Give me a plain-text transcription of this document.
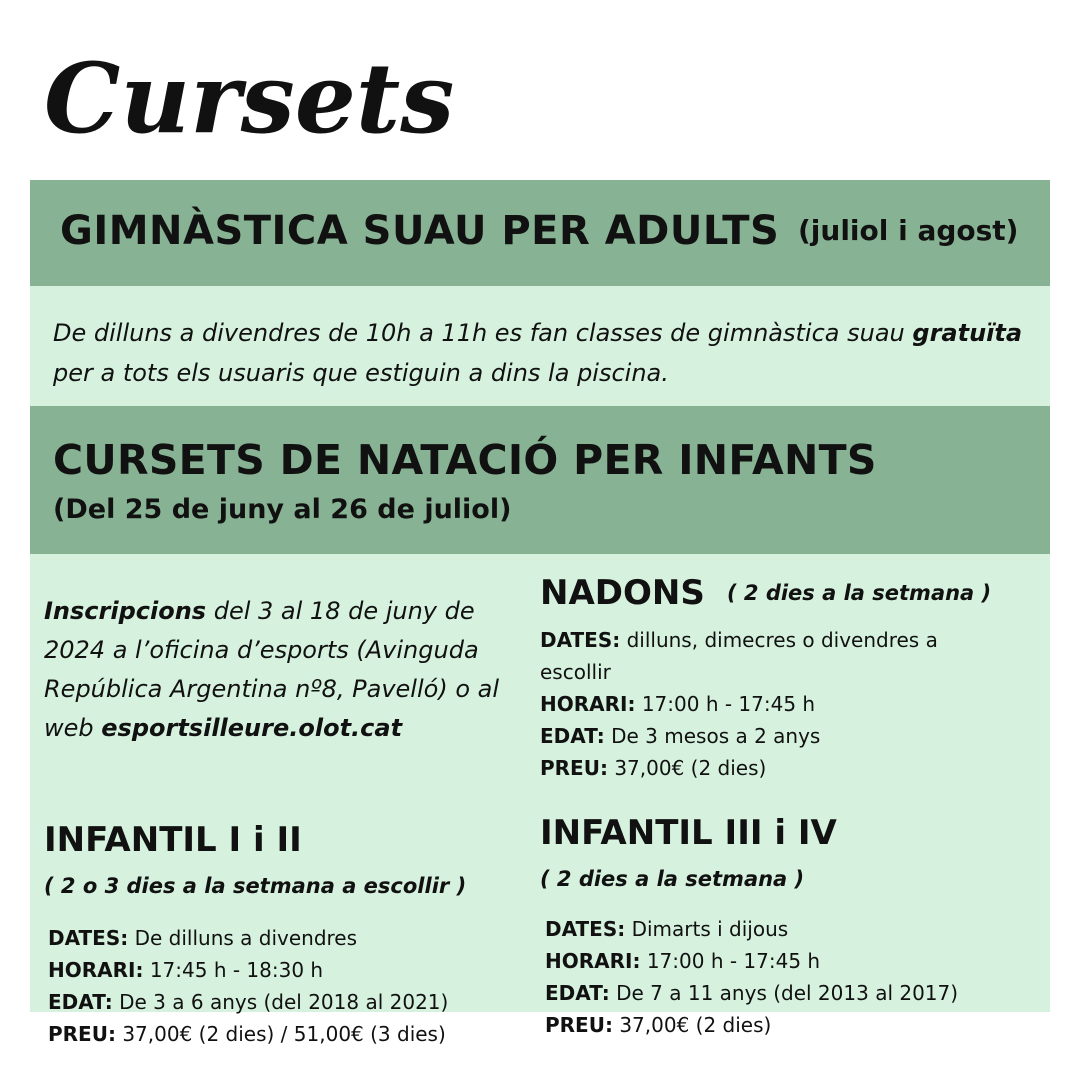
Cursets
GIMNÀSTICA SUAU PER ADULTS (juliol i agost)
De dilluns a divendres de 10h a 11h es fan classes de gimnàstica suau gratuïta per a tots els usuaris que estiguin a dins la piscina.
CURSETS DE NATACIÓ PER INFANTS
(Del 25 de juny al 26 de juliol)
Inscripcions del 3 al 18 de juny de 2024 a l’oficina d’esports (Avinguda República Argentina nº8, Pavelló) o al web esportsilleure.olot.cat
NADONS ( 2 dies a la setmana )
DATES: dilluns, dimecres o divendres a escollir
HORARI: 17:00 h - 17:45 h
EDAT: De 3 mesos a 2 anys
PREU: 37,00€ (2 dies)
INFANTIL I i II
( 2 o 3 dies a la setmana a escollir )
DATES: De dilluns a divendres
HORARI: 17:45 h - 18:30 h
EDAT: De 3 a 6 anys (del 2018 al 2021)
PREU: 37,00€ (2 dies) / 51,00€ (3 dies)
INFANTIL III i IV
( 2 dies a la setmana )
DATES: Dimarts i dijous
HORARI: 17:00 h - 17:45 h
EDAT: De 7 a 11 anys (del 2013 al 2017)
PREU: 37,00€ (2 dies)
